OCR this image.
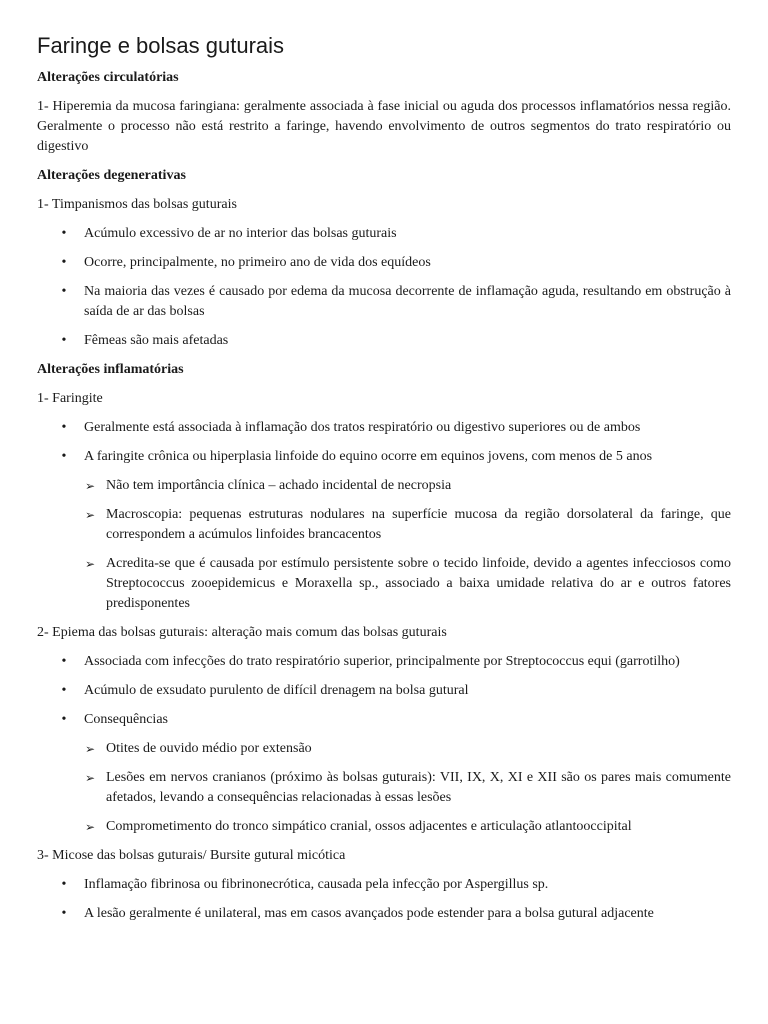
Faringe e bolsas guturais
Alterações circulatórias
1- Hiperemia da mucosa faringiana: geralmente associada à fase inicial ou aguda dos processos inflamatórios nessa região. Geralmente o processo não está restrito a faringe, havendo envolvimento de outros segmentos do trato respiratório ou digestivo
Alterações degenerativas
1- Timpanismos das bolsas guturais
• Acúmulo excessivo de ar no interior das bolsas guturais
• Ocorre, principalmente, no primeiro ano de vida dos equídeos
• Na maioria das vezes é causado por edema da mucosa decorrente de inflamação aguda, resultando em obstrução à saída de ar das bolsas
• Fêmeas são mais afetadas
Alterações inflamatórias
1- Faringite
• Geralmente está associada à inflamação dos tratos respiratório ou digestivo superiores ou de ambos
• A faringite crônica ou hiperplasia linfoide do equino ocorre em equinos jovens, com menos de 5 anos
➢ Não tem importância clínica – achado incidental de necropsia
➢ Macroscopia: pequenas estruturas nodulares na superfície mucosa da região dorsolateral da faringe, que correspondem a acúmulos linfoides brancacentos
➢ Acredita-se que é causada por estímulo persistente sobre o tecido linfoide, devido a agentes infecciosos como Streptococcus zooepidemicus e Moraxella sp., associado a baixa umidade relativa do ar e outros fatores predisponentes
2- Epiema das bolsas guturais: alteração mais comum das bolsas guturais
• Associada com infecções do trato respiratório superior, principalmente por Streptococcus equi (garrotilho)
• Acúmulo de exsudato purulento de difícil drenagem na bolsa gutural
• Consequências
➢ Otites de ouvido médio por extensão
➢ Lesões em nervos cranianos (próximo às bolsas guturais): VII, IX, X, XI e XII são os pares mais comumente afetados, levando a consequências relacionadas à essas lesões
➢ Comprometimento do tronco simpático cranial, ossos adjacentes e articulação atlantooccipital
3- Micose das bolsas guturais/ Bursite gutural micótica
• Inflamação fibrinosa ou fibrinonecrótica, causada pela infecção por Aspergillus sp.
• A lesão geralmente é unilateral, mas em casos avançados pode estender para a bolsa gutural adjacente
